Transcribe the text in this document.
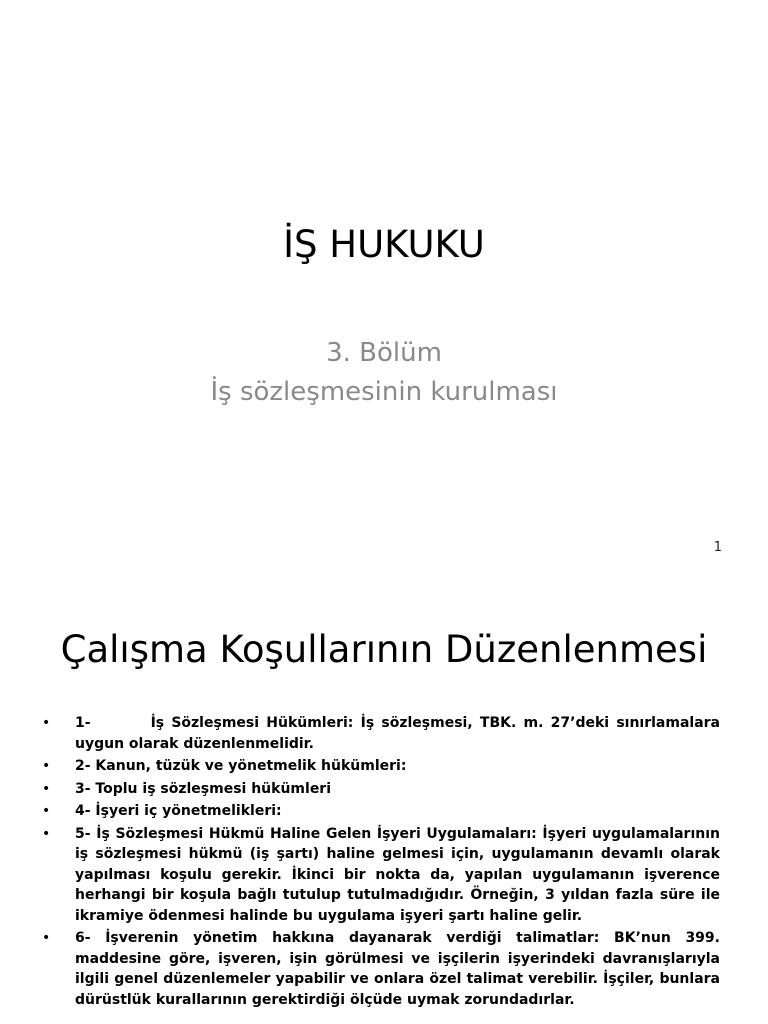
İŞ HUKUKU
3. Bölüm
İş sözleşmesinin kurulması
1
Çalışma Koşullarının Düzenlenmesi
• 1-	İş Sözleşmesi Hükümleri: İş sözleşmesi, TBK. m. 27’deki sınırlamalara uygun olarak düzenlenmelidir.
• 2- Kanun, tüzük ve yönetmelik hükümleri:
• 3- Toplu iş sözleşmesi hükümleri
• 4- İşyeri iç yönetmelikleri:
• 5- İş Sözleşmesi Hükmü Haline Gelen İşyeri Uygulamaları: İşyeri uygulamalarının iş sözleşmesi hükmü (iş şartı) haline gelmesi için, uygulamanın devamlı olarak yapılması koşulu gerekir. İkinci bir nokta da, yapılan uygulamanın işverence herhangi bir koşula bağlı tutulup tutulmadığıdır. Örneğin, 3 yıldan fazla süre ile ikramiye ödenmesi halinde bu uygulama işyeri şartı haline gelir.
• 6- İşverenin yönetim hakkına dayanarak verdiği talimatlar: BK’nun 399. maddesine göre, işveren, işin görülmesi ve işçilerin işyerindeki davranışlarıyla ilgili genel düzenlemeler yapabilir ve onlara özel talimat verebilir. İşçiler, bunlara dürüstlük kurallarının gerektirdiği ölçüde uymak zorundadırlar.
